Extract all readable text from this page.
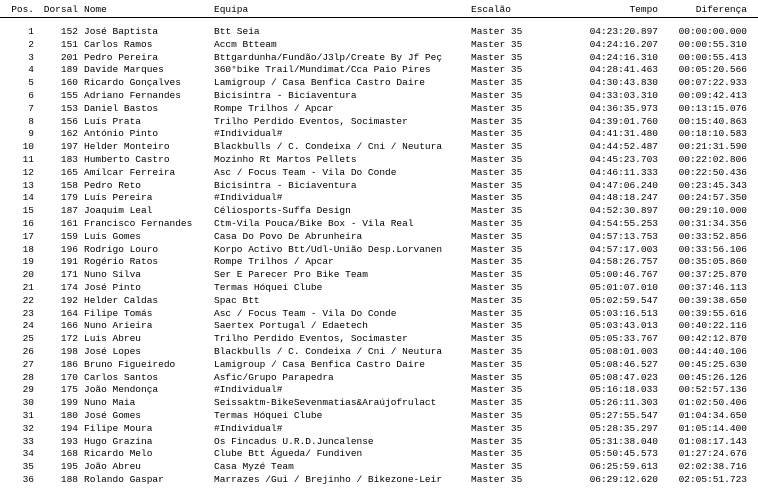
Pos.	Dorsal Nome	Equipa	Escalão	Tempo	Diferença
1	152 José Baptista	Btt Seia	Master 35	04:23:20.897	00:00:00.000
2	151 Carlos Ramos	Accm Btteam	Master 35	04:24:16.207	00:00:55.310
3	201 Pedro Pereira	Bttgardunha/Fundão/J3lp/Create By Jf Peç	Master 35	04:24:16.310	00:00:55.413
4	189 Davide Marques	360°bike Trail/Mundimat/Cca Paio Pires	Master 35	04:28:41.463	00:05:20.566
5	160 Ricardo Gonçalves	Lamigroup / Casa Benfica Castro Daire	Master 35	04:30:43.830	00:07:22.933
6	155 Adriano Fernandes	Bicisintra - Biciaventura	Master 35	04:33:03.310	00:09:42.413
7	153 Daniel Bastos	Rompe Trilhos / Apcar	Master 35	04:36:35.973	00:13:15.076
8	156 Luís Prata	Trilho Perdido Eventos, Socimaster	Master 35	04:39:01.760	00:15:40.863
9	162 António Pinto	#Individual#	Master 35	04:41:31.480	00:18:10.583
10	197 Helder Monteiro	Blackbulls / C. Condeixa / Cni / Neutura	Master 35	04:44:52.487	00:21:31.590
11	183 Humberto Castro	Mozinho Rt Martos Pellets	Master 35	04:45:23.703	00:22:02.806
12	165 Amílcar Ferreira	Asc / Focus Team - Vila Do Conde	Master 35	04:46:11.333	00:22:50.436
13	158 Pedro Reto	Bicisintra - Biciaventura	Master 35	04:47:06.240	00:23:45.343
14	179 Luís Pereira	#Individual#	Master 35	04:48:18.247	00:24:57.350
15	187 Joaquim Leal	Céliosports-Suffa Design	Master 35	04:52:30.897	00:29:10.000
16	161 Francisco Fernandes	Ctm-Vila Pouca/Bike Box - Vila Real	Master 35	04:54:55.253	00:31:34.356
17	159 Luís Gomes	Casa Do Povo De Abrunheira	Master 35	04:57:13.753	00:33:52.856
18	196 Rodrigo Louro	Korpo Activo Btt/Udl-União Desp.Lorvanen	Master 35	04:57:17.003	00:33:56.106
19	191 Rogério Ratos	Rompe Trilhos / Apcar	Master 35	04:58:26.757	00:35:05.860
20	171 Nuno Silva	Ser E Parecer Pro Bike Team	Master 35	05:00:46.767	00:37:25.870
21	174 José Pinto	Termas Hóquei Clube	Master 35	05:01:07.010	00:37:46.113
22	192 Helder Caldas	Spac Btt	Master 35	05:02:59.547	00:39:38.650
23	164 Filipe Tomás	Asc / Focus Team - Vila Do Conde	Master 35	05:03:16.513	00:39:55.616
24	166 Nuno Arieira	Saertex Portugal / Edaetech	Master 35	05:03:43.013	00:40:22.116
25	172 Luís Abreu	Trilho Perdido Eventos, Socimaster	Master 35	05:05:33.767	00:42:12.870
26	198 José Lopes	Blackbulls / C. Condeixa / Cni / Neutura	Master 35	05:08:01.003	00:44:40.106
27	186 Bruno Figueiredo	Lamigroup / Casa Benfica Castro Daire	Master 35	05:08:46.527	00:45:25.630
28	170 Carlos Santos	Asfic/Grupo Parapedra	Master 35	05:08:47.023	00:45:26.126
29	175 João Mendonça	#Individual#	Master 35	05:16:18.033	00:52:57.136
30	199 Nuno Maia	Seissaktm-BikeSevenmatias&Araújofrulact	Master 35	05:26:11.303	01:02:50.406
31	180 José Gomes	Termas Hóquei Clube	Master 35	05:27:55.547	01:04:34.650
32	194 Filipe Moura	#Individual#	Master 35	05:28:35.297	01:05:14.400
33	193 Hugo Grazina	Os Fincadus U.R.D.Juncalense	Master 35	05:31:38.040	01:08:17.143
34	168 Ricardo Melo	Clube Btt Águeda/ Fundiven	Master 35	05:50:45.573	01:27:24.676
35	195 João Abreu	Casa Myzé Team	Master 35	06:25:59.613	02:02:38.716
36	188 Rolando Gaspar	Marrazes /Gui / Brejinho / Bikezone-Leir	Master 35	06:29:12.620	02:05:51.723
